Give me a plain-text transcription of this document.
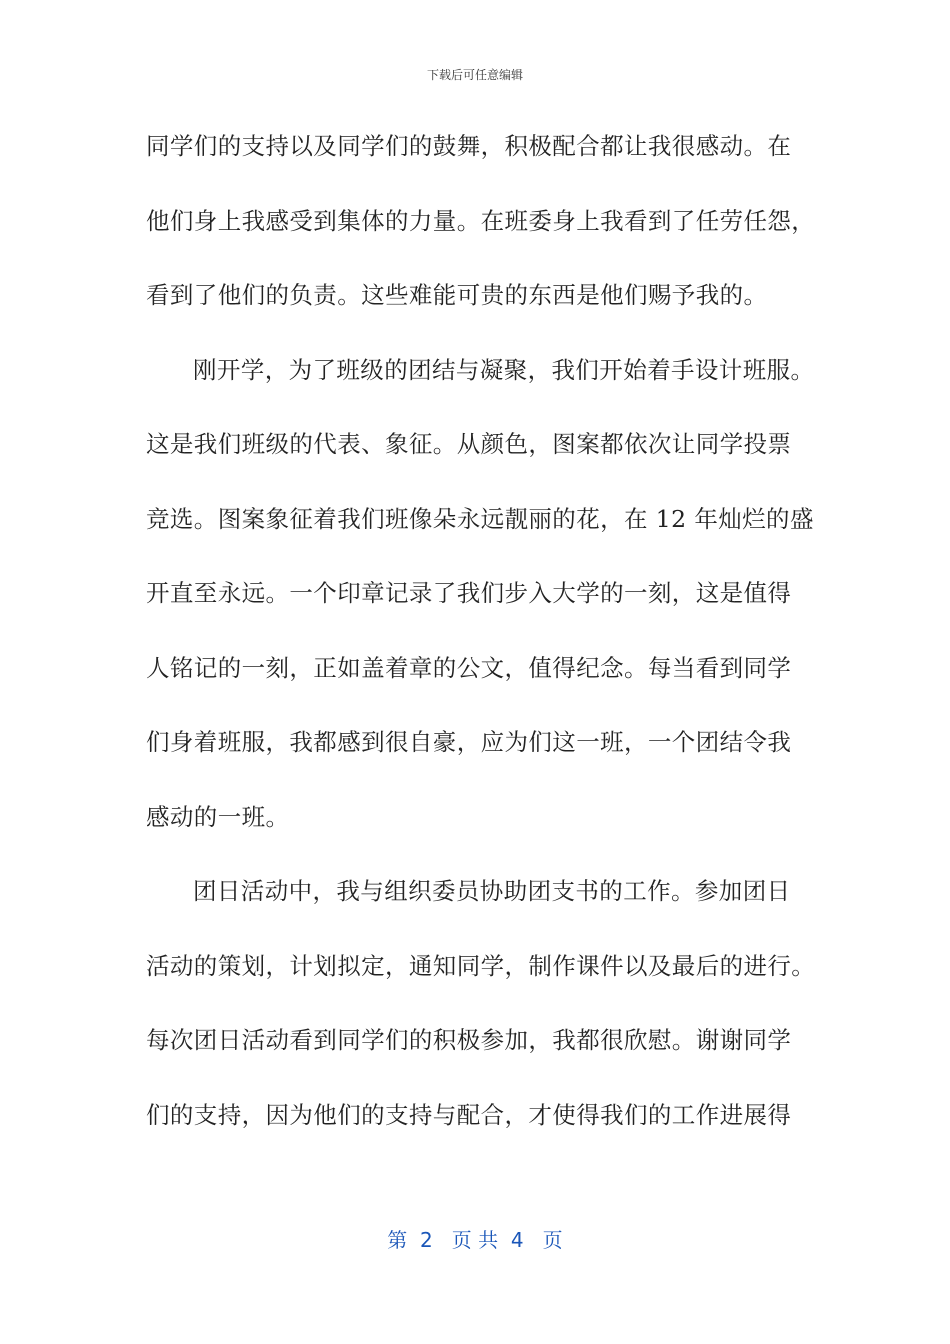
下载后可任意编辑
同学们的支持以及同学们的鼓舞，积极配合都让我很感动。在
他们身上我感受到集体的力量。在班委身上我看到了任劳任怨，
看到了他们的负责。这些难能可贵的东西是他们赐予我的。
刚开学，为了班级的团结与凝聚，我们开始着手设计班服。
这是我们班级的代表、象征。从颜色，图案都依次让同学投票
竞选。图案象征着我们班像朵永远靓丽的花，在 12 年灿烂的盛
开直至永远。一个印章记录了我们步入大学的一刻，这是值得
人铭记的一刻，正如盖着章的公文，值得纪念。每当看到同学
们身着班服，我都感到很自豪，应为们这一班，一个团结令我
感动的一班。
团日活动中，我与组织委员协助团支书的工作。参加团日
活动的策划，计划拟定，通知同学，制作课件以及最后的进行。
每次团日活动看到同学们的积极参加，我都很欣慰。谢谢同学
们的支持，因为他们的支持与配合，才使得我们的工作进展得
第  2   页 共  4   页
